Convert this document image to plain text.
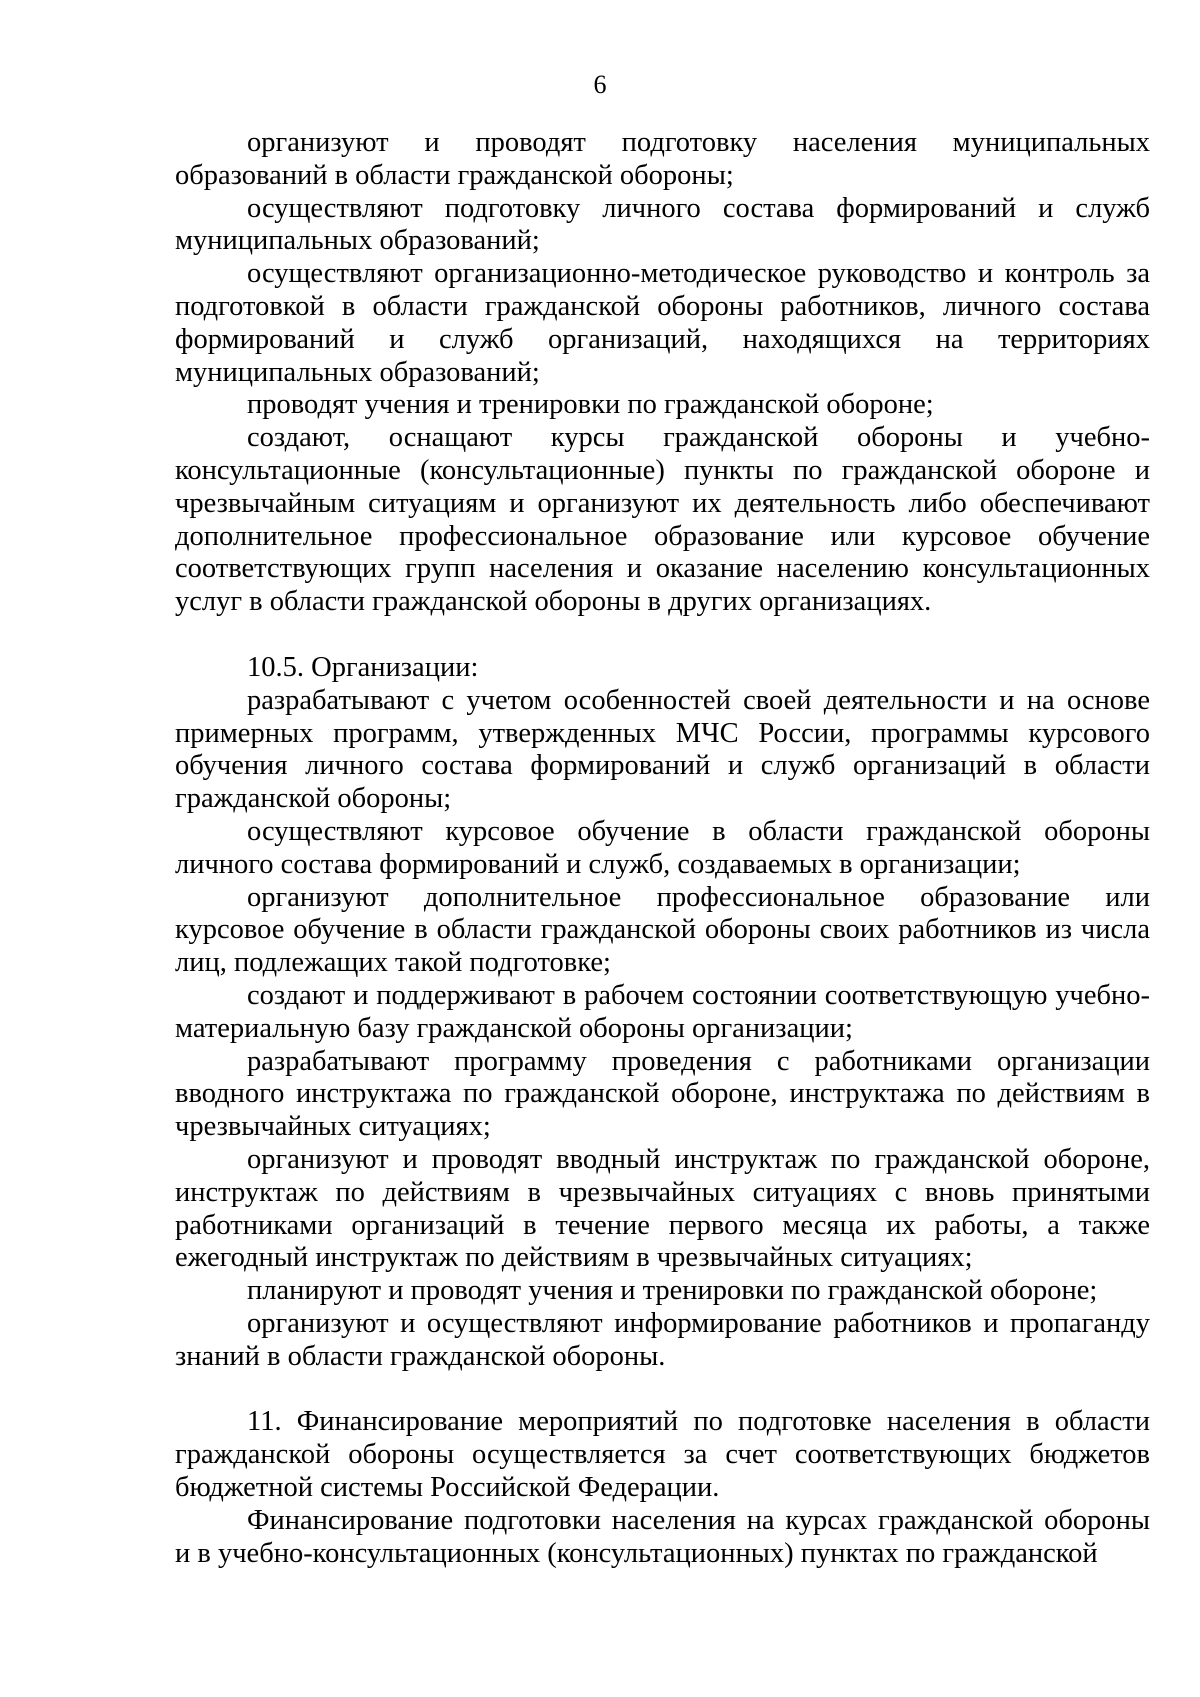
6

организуют и проводят подготовку населения муниципальных образований в области гражданской обороны;

осуществляют подготовку личного состава формирований и служб муниципальных образований;

осуществляют организационно-методическое руководство и контроль за подготовкой в области гражданской обороны работников, личного состава формирований и служб организаций, находящихся на территориях муниципальных образований;

проводят учения и тренировки по гражданской обороне;

создают, оснащают курсы гражданской обороны и учебно-консультационные (консультационные) пункты по гражданской обороне и чрезвычайным ситуациям и организуют их деятельность либо обеспечивают дополнительное профессиональное образование или курсовое обучение соответствующих групп населения и оказание населению консультационных услуг в области гражданской обороны в других организациях.

10.5. Организации:

разрабатывают с учетом особенностей своей деятельности и на основе примерных программ, утвержденных МЧС России, программы курсового обучения личного состава формирований и служб организаций в области гражданской обороны;

осуществляют курсовое обучение в области гражданской обороны личного состава формирований и служб, создаваемых в организации;

организуют дополнительное профессиональное образование или курсовое обучение в области гражданской обороны своих работников из числа лиц, подлежащих такой подготовке;

создают и поддерживают в рабочем состоянии соответствующую учебно-материальную базу гражданской обороны организации;

разрабатывают программу проведения с работниками организации вводного инструктажа по гражданской обороне, инструктажа по действиям в чрезвычайных ситуациях;

организуют и проводят вводный инструктаж по гражданской обороне, инструктаж по действиям в чрезвычайных ситуациях с вновь принятыми работниками организаций в течение первого месяца их работы, а также ежегодный инструктаж по действиям в чрезвычайных ситуациях;

планируют и проводят учения и тренировки по гражданской обороне;

организуют и осуществляют информирование работников и пропаганду знаний в области гражданской обороны.

11. Финансирование мероприятий по подготовке населения в области гражданской обороны осуществляется за счет соответствующих бюджетов бюджетной системы Российской Федерации.

Финансирование подготовки населения на курсах гражданской обороны и в учебно-консультационных (консультационных) пунктах по гражданской
